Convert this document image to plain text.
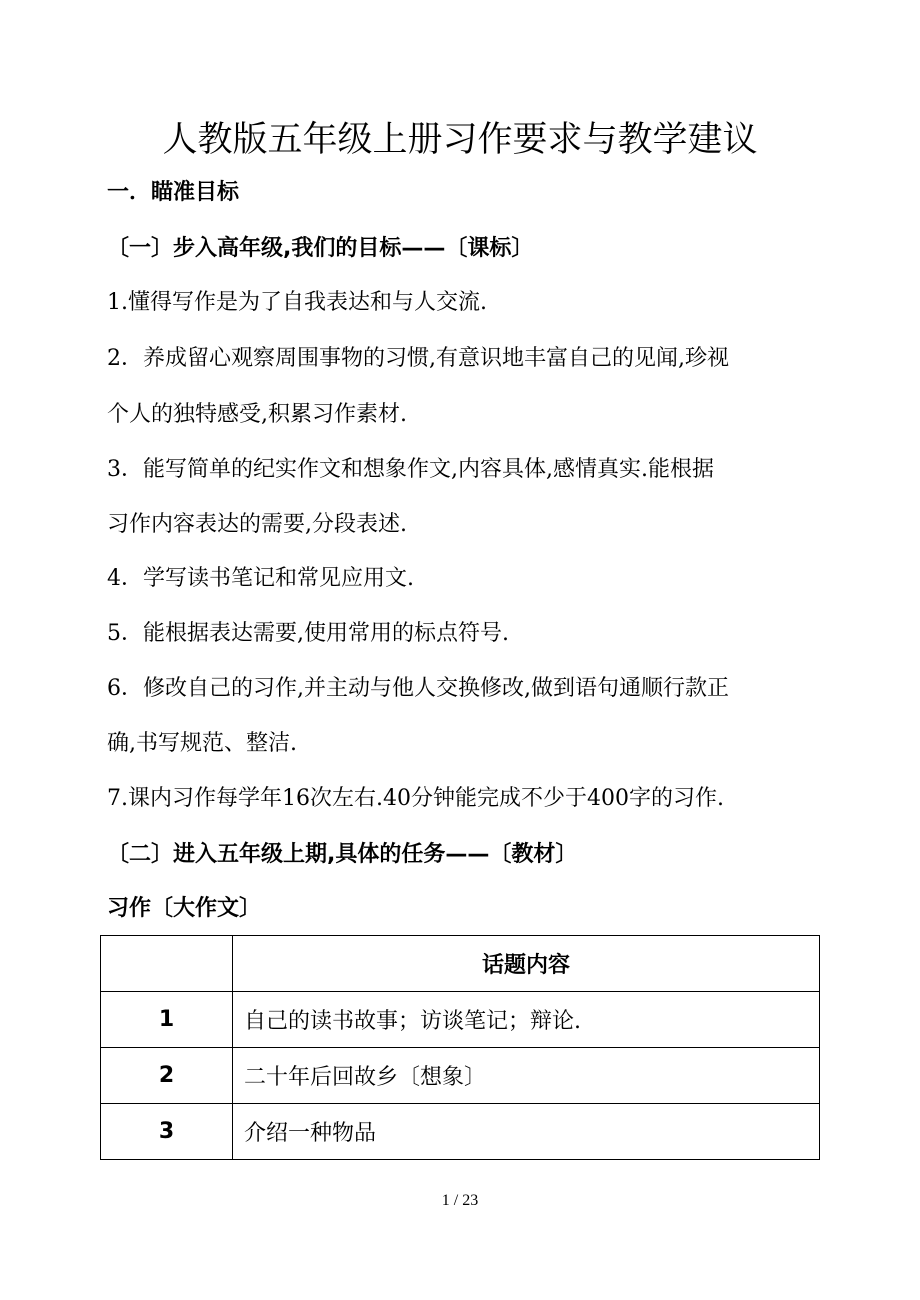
人教版五年级上册习作要求与教学建议
一．瞄准目标
〔一〕步入高年级,我们的目标——〔课标〕
1.懂得写作是为了自我表达和与人交流.
2．养成留心观察周围事物的习惯,有意识地丰富自己的见闻,珍视
个人的独特感受,积累习作素材.
3．能写简单的纪实作文和想象作文,内容具体,感情真实.能根据
习作内容表达的需要,分段表述.
4．学写读书笔记和常见应用文.
5．能根据表达需要,使用常用的标点符号.
6．修改自己的习作,并主动与他人交换修改,做到语句通顺行款正
确,书写规范、整洁.
7.课内习作每学年16次左右.40分钟能完成不少于400字的习作.
〔二〕进入五年级上期,具体的任务——〔教材〕
习作〔大作文〕
	话题内容
1	自己的读书故事；访谈笔记；辩论.
2	二十年后回故乡〔想象〕
3	介绍一种物品
1 / 23
